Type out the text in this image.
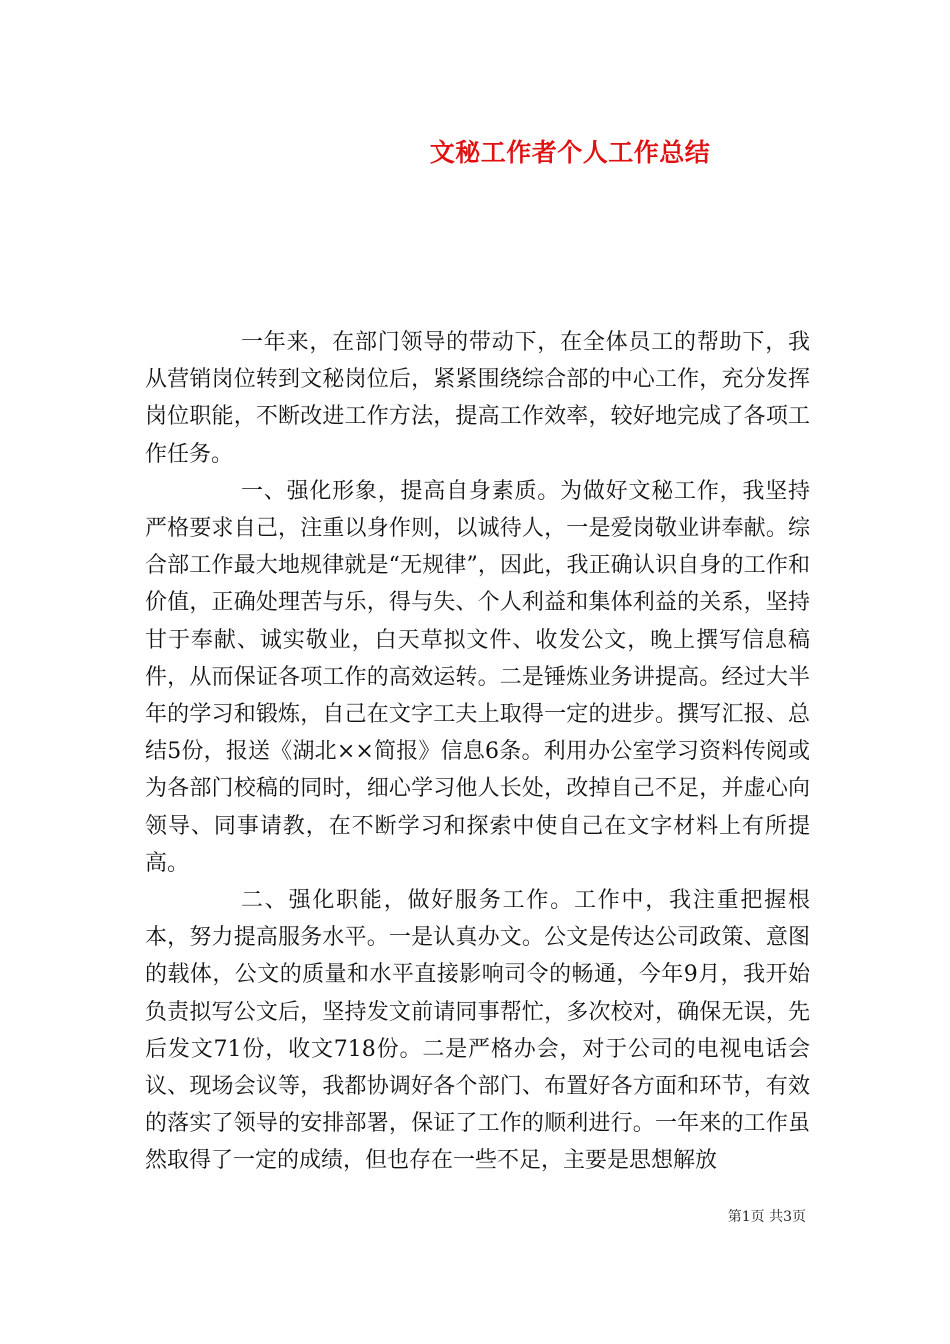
文秘工作者个人工作总结

一年来，在部门领导的带动下，在全体员工的帮助下，我从营销岗位转到文秘岗位后，紧紧围绕综合部的中心工作，充分发挥岗位职能，不断改进工作方法，提高工作效率，较好地完成了各项工作任务。

一、强化形象，提高自身素质。为做好文秘工作，我坚持严格要求自己，注重以身作则，以诚待人，一是爱岗敬业讲奉献。综合部工作最大地规律就是“无规律”，因此，我正确认识自身的工作和价值，正确处理苦与乐，得与失、个人利益和集体利益的关系，坚持甘于奉献、诚实敬业，白天草拟文件、收发公文，晚上撰写信息稿件，从而保证各项工作的高效运转。二是锤炼业务讲提高。经过大半年的学习和锻炼，自己在文字工夫上取得一定的进步。撰写汇报、总结5份，报送《湖北××简报》信息6条。利用办公室学习资料传阅或为各部门校稿的同时，细心学习他人长处，改掉自己不足，并虚心向领导、同事请教，在不断学习和探索中使自己在文字材料上有所提高。

二、强化职能，做好服务工作。工作中，我注重把握根本，努力提高服务水平。一是认真办文。公文是传达公司政策、意图的载体，公文的质量和水平直接影响司令的畅通，今年9月，我开始负责拟写公文后，坚持发文前请同事帮忙，多次校对，确保无误，先后发文71份，收文718份。二是严格办会，对于公司的电视电话会议、现场会议等，我都协调好各个部门、布置好各方面和环节，有效的落实了领导的安排部署，保证了工作的顺利进行。一年来的工作虽然取得了一定的成绩，但也存在一些不足，主要是思想解放

第1页 共3页
